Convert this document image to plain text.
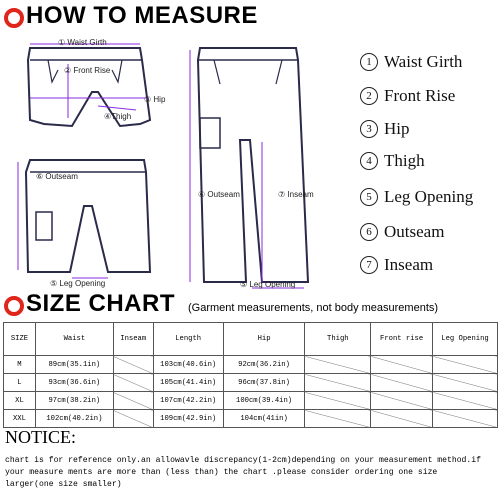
HOW TO MEASURE
① Waist Girth
② Front Rise
③ Hip
④Thigh
⑥ Outseam
⑤ Leg Opening
⑥ Outseam	⑦ Inseam
⑤ Leg Opening
1 Waist Girth
2 Front Rise
3 Hip
4 Thigh
5 Leg Opening
6 Outseam
7 Inseam
SIZE CHART (Garment measurements, not body measurements)
SIZE	Waist	Inseam	Length	Hip	Thigh	Front rise	Leg Opening
M	89cm(35.1in)		103cm(40.6in)	92cm(36.2in)			
L	93cm(36.6in)		105cm(41.4in)	96cm(37.8in)			
XL	97cm(38.2in)		107cm(42.2in)	100cm(39.4in)			
XXL	102cm(40.2in)		109cm(42.9in)	104cm(41in)			
NOTICE:
chart is for reference only.an allowavle discrepancy(1-2cm)depending on your measurement method.if
your measure ments are more than (less than) the chart .please consider ordering one size
larger(one size smaller)
